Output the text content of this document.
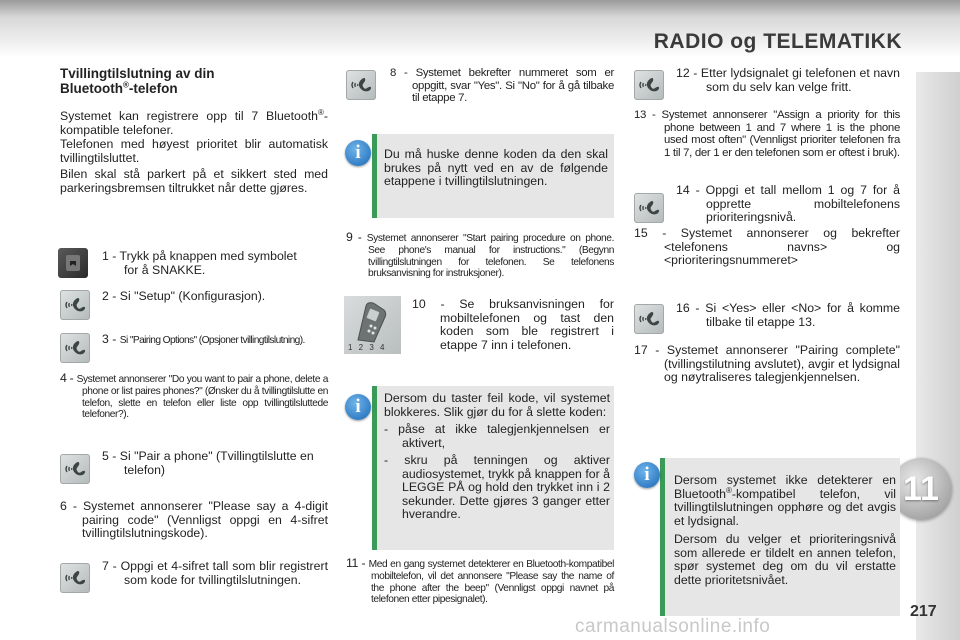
RADIO og TELEMATIKK
11
217
carmanualsonline.info
Tvillingtilslutning av din
Bluetooth®-telefon

Systemet kan registrere opp til 7 Bluetooth®-kompatible telefoner.

Telefonen med høyest prioritet blir automatisk tvillingtilsluttet.

Bilen skal stå parkert på et sikkert sted med parkeringsbremsen tiltrukket når dette gjøres.

1 - Trykk på knappen med symbolet for å SNAKKE.
2 - Si "Setup" (Konfigurasjon).
3 - Si "Pairing Options" (Opsjoner tvillingtilslutning).
4 - Systemet annonserer "Do you want to pair a phone, delete a phone or list paires phones?" (Ønsker du å tvillingtilslutte en telefon, slette en telefon eller liste opp tvillingtilsluttede telefoner?).
5 - Si "Pair a phone" (Tvillingtilslutte en telefon)
6 - Systemet annonserer "Please say a 4-digit pairing code" (Vennligst oppgi en 4-sifret tvillingtilslutningskode).
7 - Oppgi et 4-sifret tall som blir registrert som kode for tvillingtilslutningen.
8 - Systemet bekrefter nummeret som er oppgitt, svar "Yes". Si "No" for å gå tilbake til etappe 7.
i	Du må huske denne koden da den skal brukes på nytt ved en av de følgende etappene i tvillingtilslutningen.
9 - Systemet annonserer "Start pairing procedure on phone. See phone's manual for instructions." (Begynn tvillingtilslutningen for telefonen. Se telefonens bruksanvisning for instruksjoner).
1 2 3 4
10 - Se bruksanvisningen for mobiltelefonen og tast den koden som ble registrert i etappe 7 inn i telefonen.
i	Dersom du taster feil kode, vil systemet blokkeres. Slik gjør du for å slette koden:
- påse at ikke talegjenkjennelsen er aktivert,
- skru på tenningen og aktiver audiosystemet, trykk på knappen for å LEGGE PÅ og hold den trykket inn i 2 sekunder. Dette gjøres 3 ganger etter hverandre.
11 - Med en gang systemet detekterer en Bluetooth-kompatibel mobiltelefon, vil det annonsere "Please say the name of the phone after the beep" (Vennligst oppgi navnet på telefonen etter pipesignalet).
12 - Etter lydsignalet gi telefonen et navn som du selv kan velge fritt.
13 - Systemet annonserer "Assign a priority for this phone between 1 and 7 where 1 is the phone used most often" (Vennligst prioriter telefonen fra 1 til 7, der 1 er den telefonen som er oftest i bruk).
14 - Oppgi et tall mellom 1 og 7 for å opprette mobiltelefonens prioriteringsnivå.
15 - Systemet annonserer og bekrefter <telefonens navns> og <prioriteringsnummeret>
16 - Si <Yes> eller <No> for å komme tilbake til etappe 13.
17 - Systemet annonserer "Pairing complete" (tvillingstilutning avslutet), avgir et lydsignal og nøytraliseres talegjenkjennelsen.
i	Dersom systemet ikke detekterer en Bluetooth®-kompatibel telefon, vil tvillingtilslutningen opphøre og det avgis et lydsignal.
Dersom du velger et prioriteringsnivå som allerede er tildelt en annen telefon, spør systemet deg om du vil erstatte dette prioritetsnivået.
